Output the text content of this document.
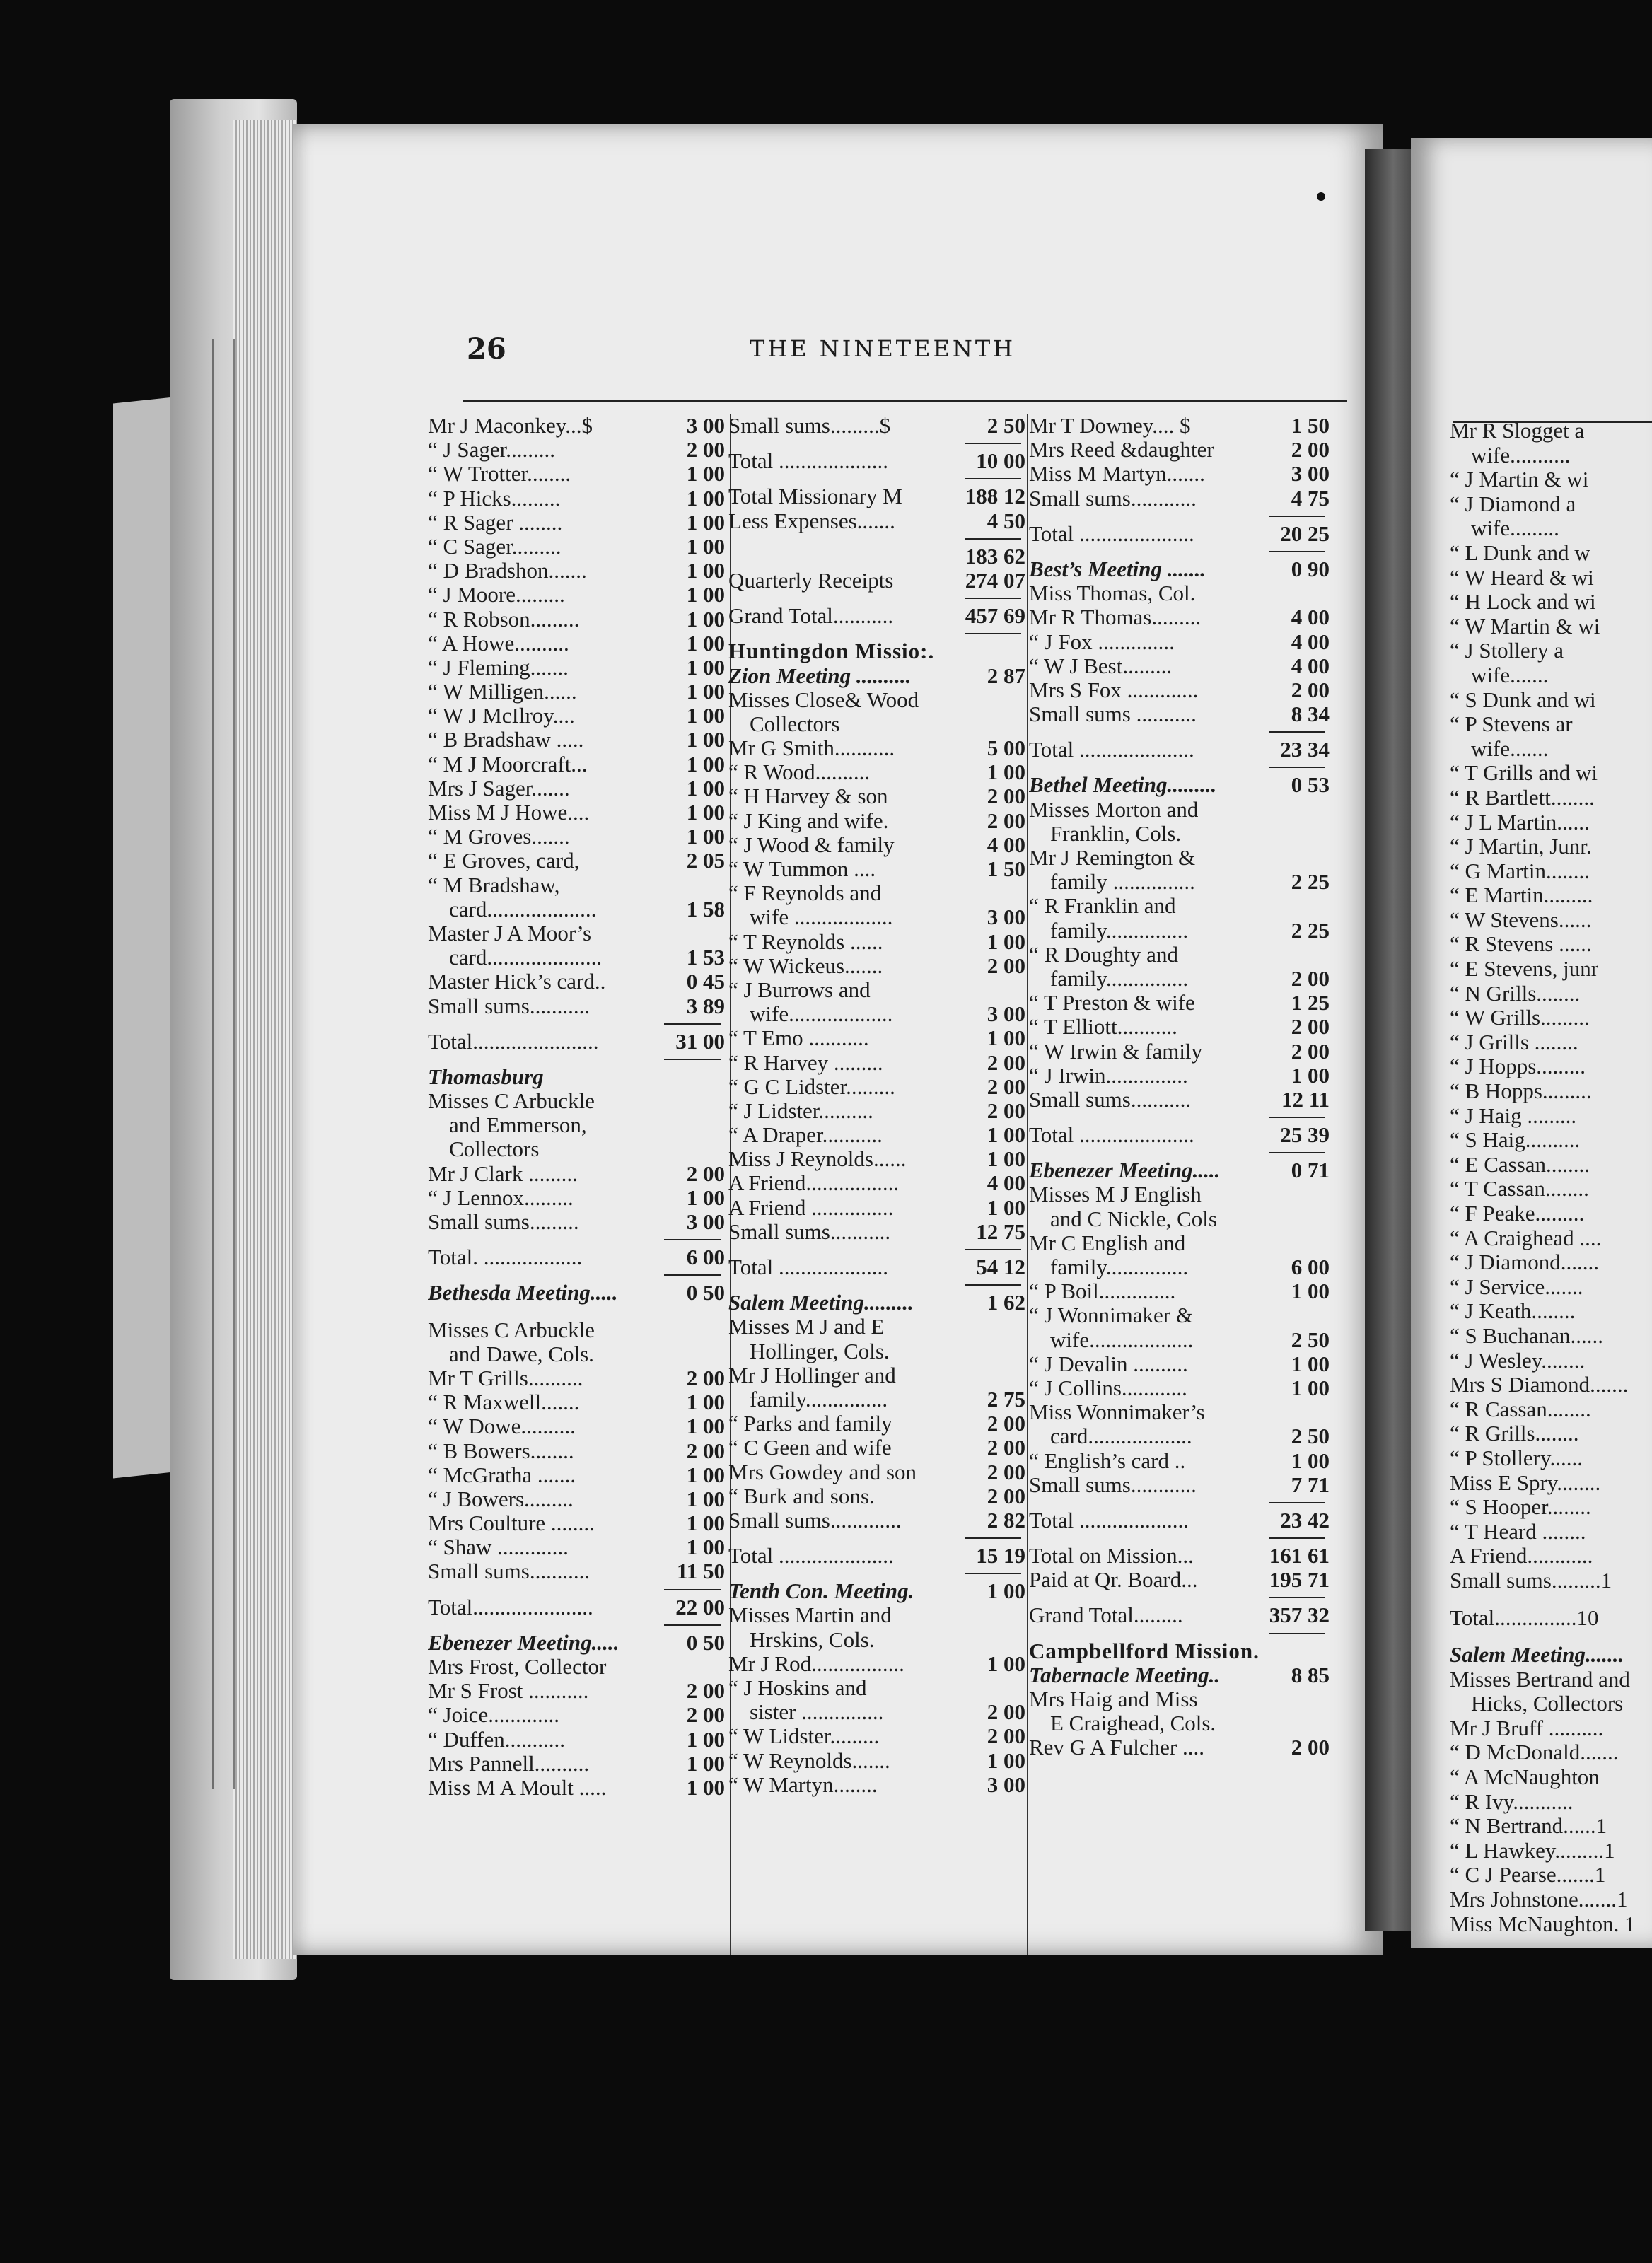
26	THE NINETEENTH
Mr J Maconkey...$	3 00
“ J Sager.........	2 00
“ W Trotter........	1 00
“ P Hicks.........	1 00
“ R Sager ........	1 00
“ C Sager.........	1 00
“ D Bradshon.......	1 00
“ J Moore.........	1 00
“ R Robson.........	1 00
“ A Howe..........	1 00
“ J Fleming.......	1 00
“ W Milligen......	1 00
“ W J McIlroy....	1 00
“ B Bradshaw .....	1 00
“ M J Moorcraft...	1 00
Mrs J Sager.......	1 00
Miss M J Howe....	1 00
“ M Groves.......	1 00
“ E Groves, card,	2 05
“ M Bradshaw,
card....................	1 58
Master J A Moor’s
card.....................	1 53
Master Hick’s card..	0 45
Small sums...........	3 89
Total.......................	31 00
Thomasburg
Misses C Arbuckle
and Emmerson,
Collectors
Mr J Clark .........	2 00
“ J Lennox.........	1 00
Small sums.........	3 00
Total. ..................	6 00
Bethesda Meeting.....	0 50
Misses C Arbuckle
and Dawe, Cols.
Mr T Grills..........	2 00
“ R Maxwell.......	1 00
“ W Dowe..........	1 00
“ B Bowers........	2 00
“ McGratha .......	1 00
“ J Bowers.........	1 00
Mrs Coulture ........	1 00
“ Shaw .............	1 00
Small sums...........	11 50
Total......................	22 00
Ebenezer Meeting.....	0 50
Mrs Frost, Collector
Mr S Frost ...........	2 00
“ Joice.............	2 00
“ Duffen...........	1 00
Mrs Pannell..........	1 00
Miss M A Moult .....	1 00
Small sums.........$	2 50
Total ....................	10 00
Total Missionary M	188 12
Less Expenses.......	4 50
183 62
Quarterly Receipts	274 07
Grand Total...........	457 69
Huntingdon Missio:.
Zion Meeting ..........	2 87
Misses Close& Wood
Collectors
Mr G Smith...........	5 00
“ R Wood..........	1 00
“ H Harvey & son	2 00
“ J King and wife.	2 00
“ J Wood & family	4 00
“ W Tummon ....	1 50
“ F Reynolds and
wife ..................	3 00
“ T Reynolds ......	1 00
“ W Wickeus.......	2 00
“ J Burrows and
wife...................	3 00
“ T Emo ...........	1 00
“ R Harvey .........	2 00
“ G C Lidster.........	2 00
“ J Lidster..........	2 00
“ A Draper...........	1 00
Miss J Reynolds......	1 00
A Friend.................	4 00
A Friend ...............	1 00
Small sums...........	12 75
Total ....................	54 12
Salem Meeting.........	1 62
Misses M J and E
Hollinger, Cols.
Mr J Hollinger and
family...............	2 75
“ Parks and family	2 00
“ C Geen and wife	2 00
Mrs Gowdey and son	2 00
“ Burk and sons.	2 00
Small sums.............	2 82
Total .....................	15 19
Tenth Con. Meeting.	1 00
Misses Martin and
Hrskins, Cols.
Mr J Rod.................	1 00
“ J Hoskins and
sister ...............	2 00
“ W Lidster.........	2 00
“ W Reynolds.......	1 00
“ W Martyn........	3 00
Mr T Downey.... $	1 50
Mrs Reed &daughter	2 00
Miss M Martyn.......	3 00
Small sums............	4 75
Total .....................	20 25
Best’s Meeting .......	0 90
Miss Thomas, Col.
Mr R Thomas.........	4 00
“ J Fox ..............	4 00
“ W J Best.........	4 00
Mrs S Fox .............	2 00
Small sums ...........	8 34
Total .....................	23 34
Bethel Meeting.........	0 53
Misses Morton and
Franklin, Cols.
Mr J Remington &
family ...............	2 25
“ R Franklin and
family...............	2 25
“ R Doughty and
family...............	2 00
“ T Preston & wife	1 25
“ T Elliott...........	2 00
“ W Irwin & family	2 00
“ J Irwin...............	1 00
Small sums...........	12 11
Total .....................	25 39
Ebenezer Meeting.....	0 71
Misses M J English
and C Nickle, Cols
Mr C English and
family...............	6 00
“ P Boil..............	1 00
“ J Wonnimaker &
wife...................	2 50
“ J Devalin ..........	1 00
“ J Collins............	1 00
Miss Wonnimaker’s
card...................	2 50
“ English’s card ..	1 00
Small sums............	7 71
Total ....................	23 42
Total on Mission...	161 61
Paid at Qr. Board...	195 71
Grand Total.........	357 32
Campbellford Mission.
Tabernacle Meeting..	8 85
Mrs Haig and Miss
E Craighead, Cols.
Rev G A Fulcher ....	2 00
Mr R Slogget a
wife...........
“ J Martin & wi
“ J Diamond a
wife.........
“ L Dunk and w
“ W Heard & wi
“ H Lock and wi
“ W Martin & wi
“ J Stollery a
wife.......
“ S Dunk and wi
“ P Stevens ar
wife.......
“ T Grills and wi
“ R Bartlett........
“ J L Martin......
“ J Martin, Junr.
“ G Martin........
“ E Martin.........
“ W Stevens......
“ R Stevens ......
“ E Stevens, junr
“ N Grills........
“ W Grills.........
“ J Grills ........
“ J Hopps.........
“ B Hopps.........
“ J Haig .........
“ S Haig..........
“ E Cassan........
“ T Cassan........
“ F Peake.........
“ A Craighead ....
“ J Diamond.......
“ J Service.......
“ J Keath........
“ S Buchanan......
“ J Wesley........
Mrs S Diamond.......
“ R Cassan........
“ R Grills........
“ P Stollery......
Miss E Spry........
“ S Hooper........
“ T Heard ........
A Friend............
Small sums.........1
Total...............10
Salem Meeting.......
Misses Bertrand and
Hicks, Collectors
Mr J Bruff ..........
“ D McDonald.......
“ A McNaughton
“ R Ivy...........
“ N Bertrand......1
“ L Hawkey.........1
“ C J Pearse.......1
Mrs Johnstone.......1
Miss McNaughton. 1
